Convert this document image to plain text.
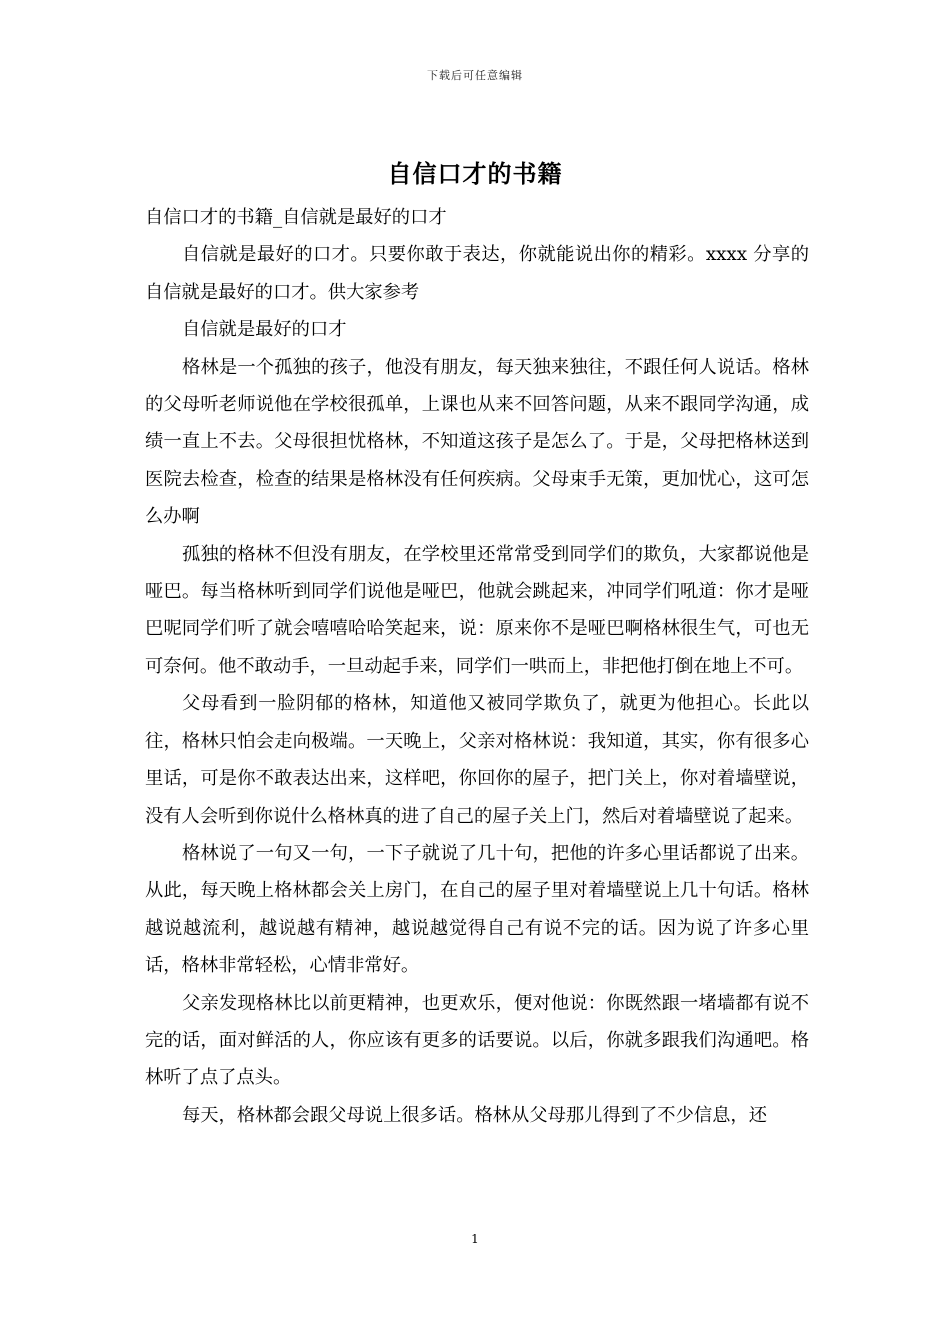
下载后可任意编辑
自信口才的书籍

自信口才的书籍_自信就是最好的口才

自信就是最好的口才。只要你敢于表达，你就能说出你的精彩。xxxx 分享的自信就是最好的口才。供大家参考

自信就是最好的口才

格林是一个孤独的孩子，他没有朋友，每天独来独往，不跟任何人说话。格林的父母听老师说他在学校很孤单，上课也从来不回答问题，从来不跟同学沟通，成绩一直上不去。父母很担忧格林，不知道这孩子是怎么了。于是，父母把格林送到医院去检查，检查的结果是格林没有任何疾病。父母束手无策，更加忧心，这可怎么办啊

孤独的格林不但没有朋友，在学校里还常常受到同学们的欺负，大家都说他是哑巴。每当格林听到同学们说他是哑巴，他就会跳起来，冲同学们吼道：你才是哑巴呢同学们听了就会嘻嘻哈哈笑起来，说：原来你不是哑巴啊格林很生气，可也无可奈何。他不敢动手，一旦动起手来，同学们一哄而上，非把他打倒在地上不可。

父母看到一脸阴郁的格林，知道他又被同学欺负了，就更为他担心。长此以往，格林只怕会走向极端。一天晚上，父亲对格林说：我知道，其实，你有很多心里话，可是你不敢表达出来，这样吧，你回你的屋子，把门关上，你对着墙壁说，没有人会听到你说什么格林真的进了自己的屋子关上门，然后对着墙壁说了起来。

格林说了一句又一句，一下子就说了几十句，把他的许多心里话都说了出来。从此，每天晚上格林都会关上房门，在自己的屋子里对着墙壁说上几十句话。格林越说越流利，越说越有精神，越说越觉得自己有说不完的话。因为说了许多心里话，格林非常轻松，心情非常好。

父亲发现格林比以前更精神，也更欢乐，便对他说：你既然跟一堵墙都有说不完的话，面对鲜活的人，你应该有更多的话要说。以后，你就多跟我们沟通吧。格林听了点了点头。

每天，格林都会跟父母说上很多话。格林从父母那儿得到了不少信息，还

1
